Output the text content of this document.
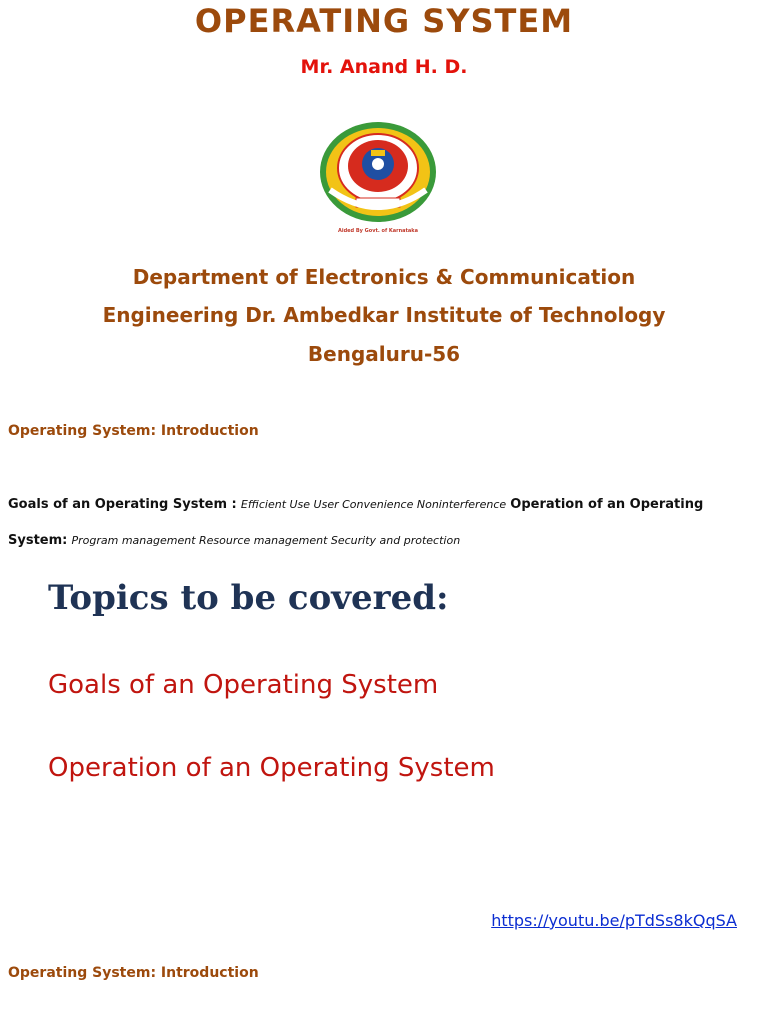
OPERATING SYSTEM
Mr. Anand H. D.
Aided By Govt. of Karnataka
Department of Electronics & Communication
Engineering Dr. Ambedkar Institute of Technology
Bengaluru-56
Operating System: Introduction
Goals of an Operating System : Efficient Use User Convenience Noninterference Operation of an Operating System: Program management Resource management Security and protection
Topics to be covered:
Goals of an Operating System
Operation of an Operating System
https://youtu.be/pTdSs8kQqSA
Operating System: Introduction
